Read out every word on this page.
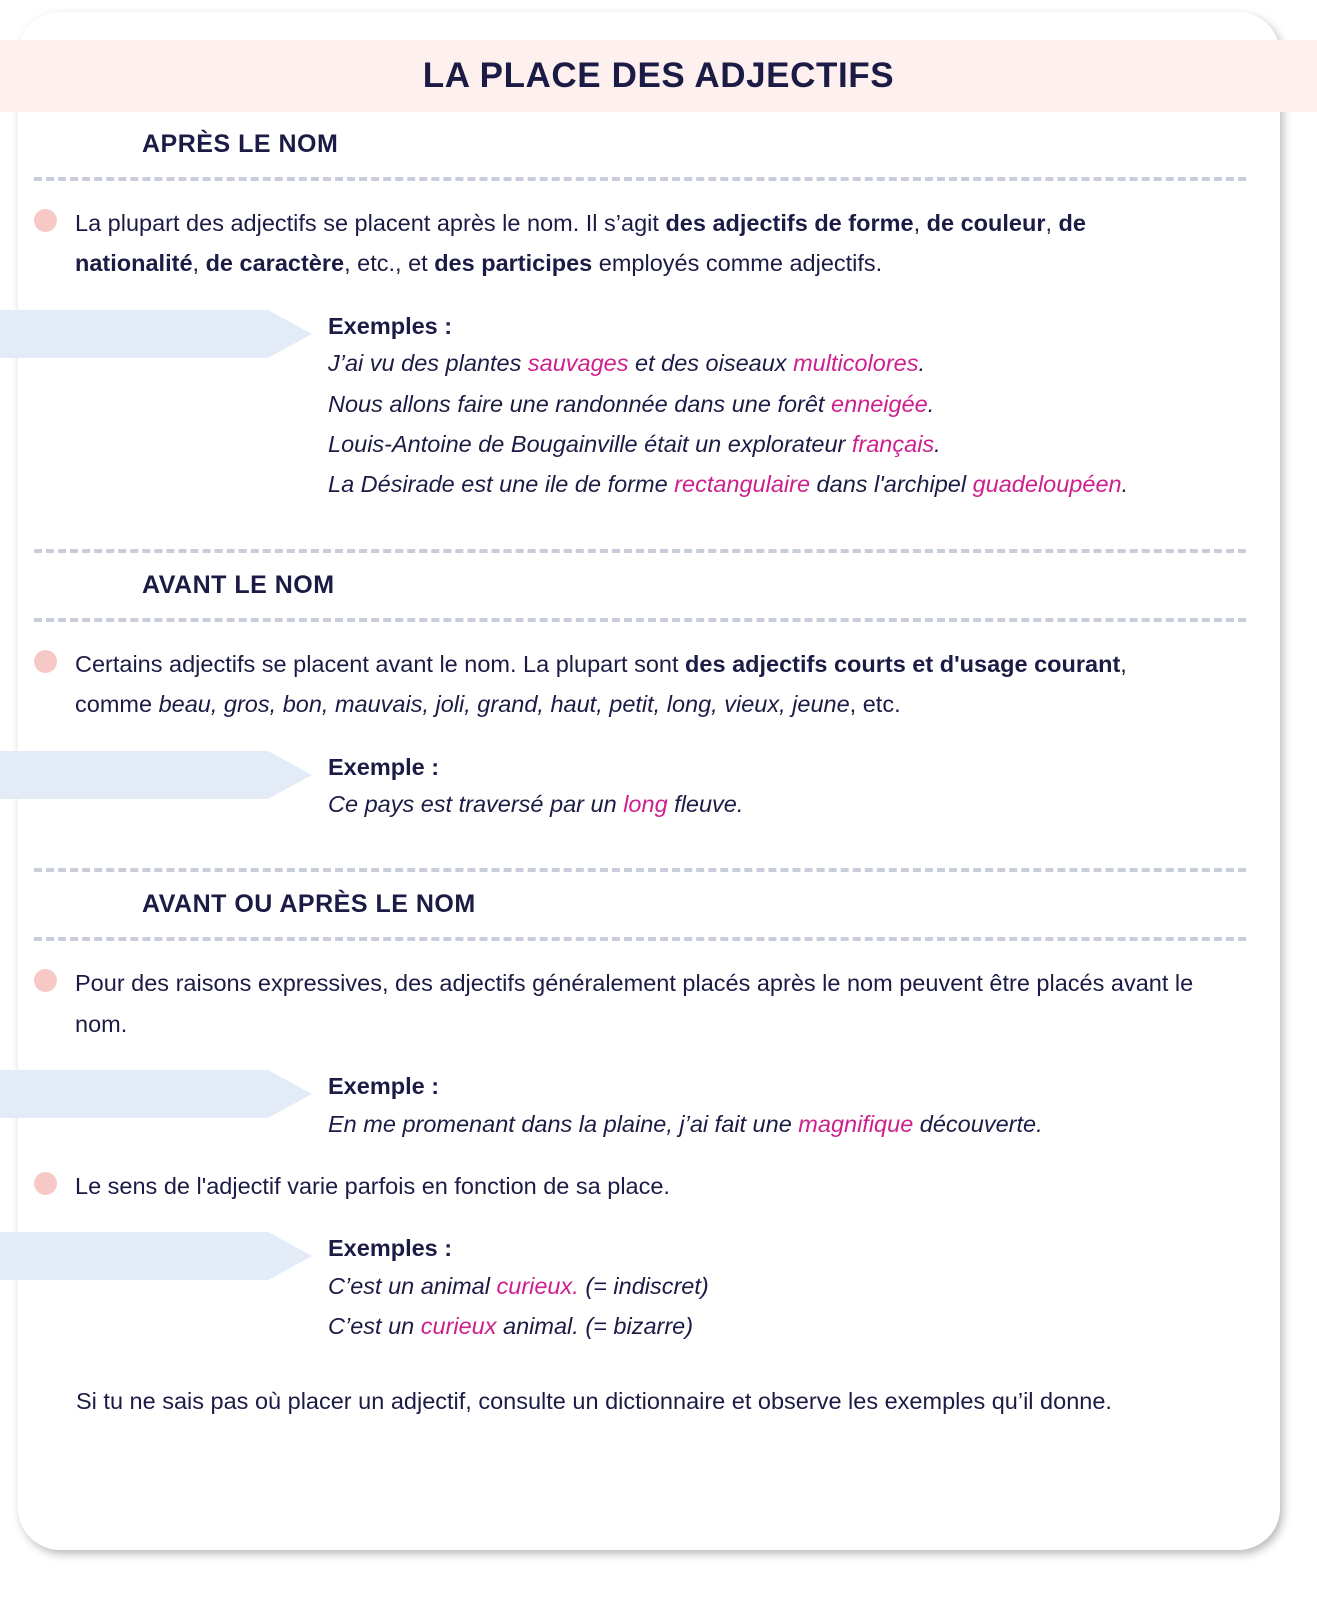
LA PLACE DES ADJECTIFS
APRÈS LE NOM
La plupart des adjectifs se placent après le nom. Il s’agit des adjectifs de forme, de couleur, de nationalité, de caractère, etc., et des participes employés comme adjectifs.
Exemples :
J’ai vu des plantes sauvages et des oiseaux multicolores.
Nous allons faire une randonnée dans une forêt enneigée.
Louis-Antoine de Bougainville était un explorateur français.
La Désirade est une ile de forme rectangulaire dans l'archipel guadeloupéen.
AVANT LE NOM
Certains adjectifs se placent avant le nom. La plupart sont des adjectifs courts et d'usage courant, comme beau, gros, bon, mauvais, joli, grand, haut, petit, long, vieux, jeune, etc.
Exemple :
Ce pays est traversé par un long fleuve.
AVANT OU APRÈS LE NOM
Pour des raisons expressives, des adjectifs généralement placés après le nom peuvent être placés avant le nom.
Exemple :
En me promenant dans la plaine, j’ai fait une magnifique découverte.
Le sens de l'adjectif varie parfois en fonction de sa place.
Exemples :
C’est un animal curieux. (= indiscret)
C’est un curieux animal. (= bizarre)
Si tu ne sais pas où placer un adjectif, consulte un dictionnaire et observe les exemples qu’il donne.
